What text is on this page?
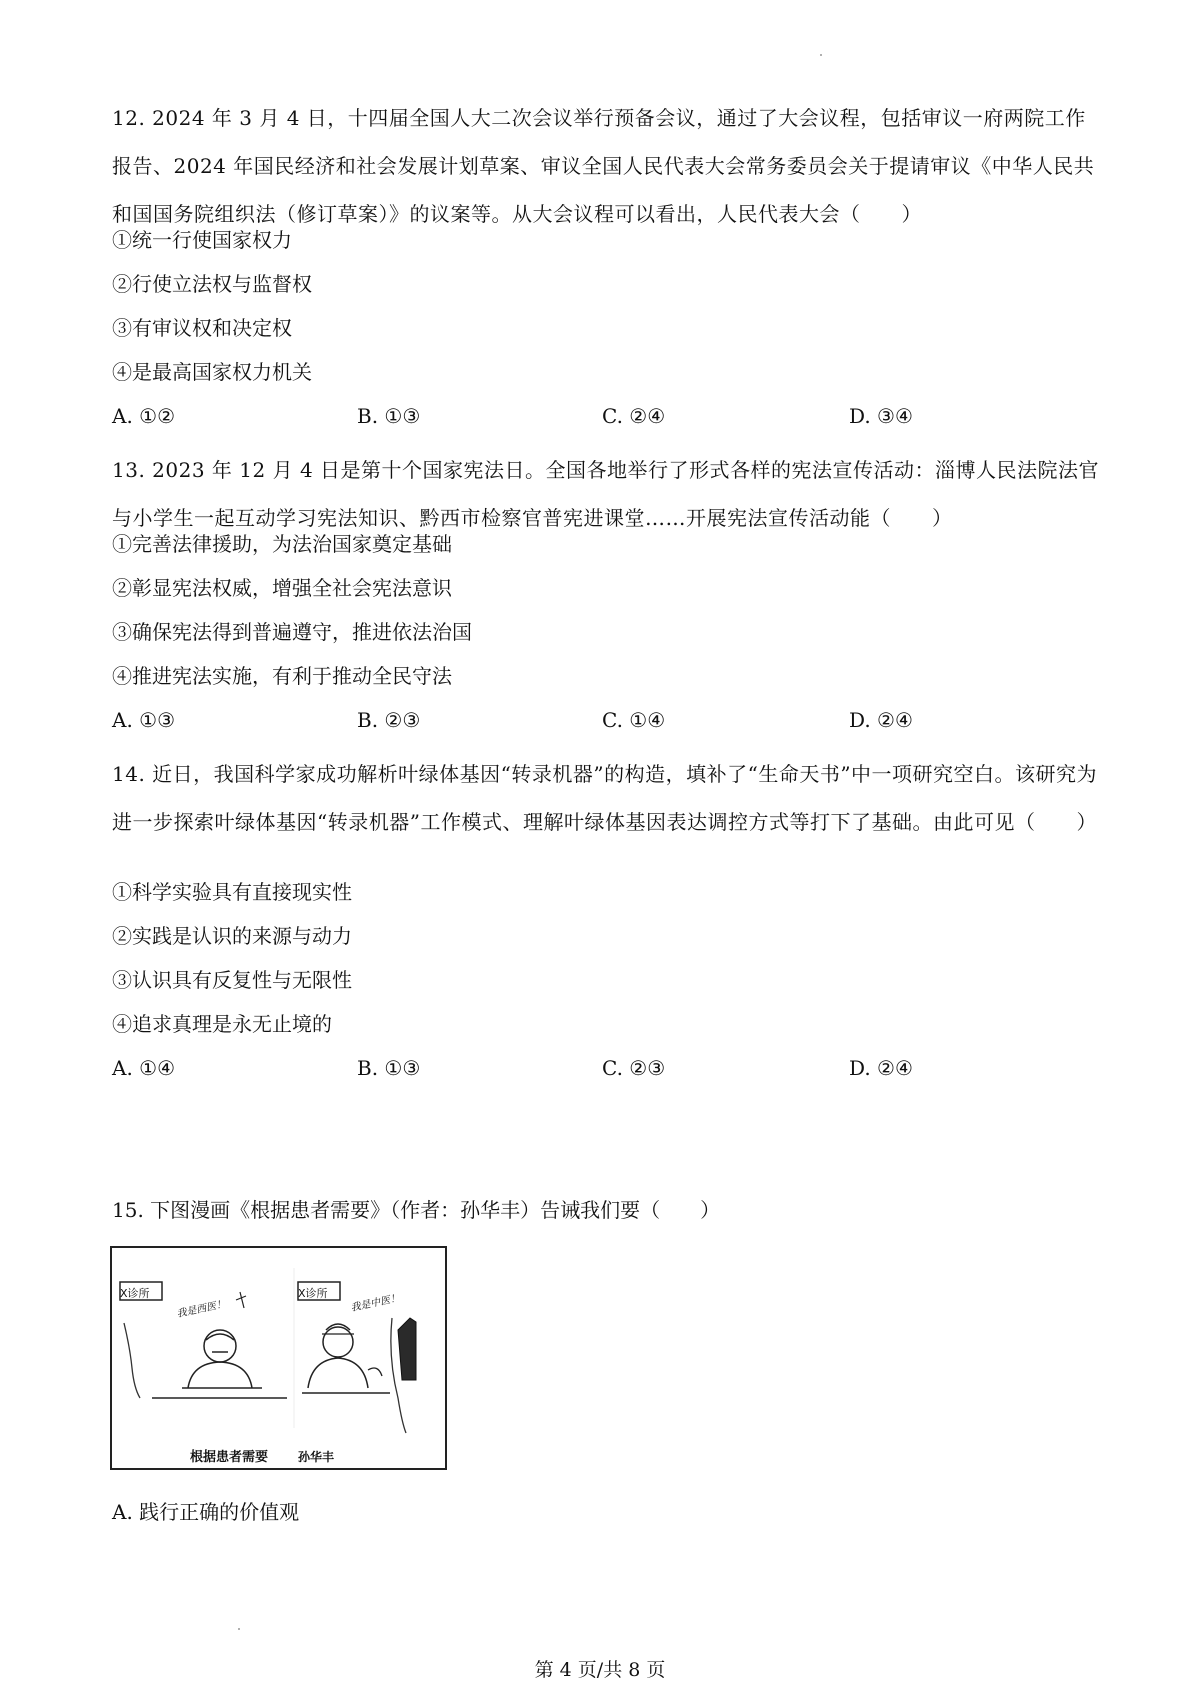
12. 2024 年 3 月 4 日，十四届全国人大二次会议举行预备会议，通过了大会议程，包括审议一府两院工作报告、2024 年国民经济和社会发展计划草案、审议全国人民代表大会常务委员会关于提请审议《中华人民共和国国务院组织法（修订草案）》的议案等。从大会议程可以看出，人民代表大会（　　）
①统一行使国家权力
②行使立法权与监督权
③有审议权和决定权
④是最高国家权力机关
A. ①②	B. ①③	C. ②④	D. ③④
13. 2023 年 12 月 4 日是第十个国家宪法日。全国各地举行了形式各样的宪法宣传活动：淄博人民法院法官与小学生一起互动学习宪法知识、黔西市检察官普宪进课堂……开展宪法宣传活动能（　　）
①完善法律援助，为法治国家奠定基础
②彰显宪法权威，增强全社会宪法意识
③确保宪法得到普遍遵守，推进依法治国
④推进宪法实施，有利于推动全民守法
A. ①③	B. ②③	C. ①④	D. ②④
14. 近日，我国科学家成功解析叶绿体基因“转录机器”的构造，填补了“生命天书”中一项研究空白。该研究为进一步探索叶绿体基因“转录机器”工作模式、理解叶绿体基因表达调控方式等打下了基础。由此可见（　　）
①科学实验具有直接现实性
②实践是认识的来源与动力
③认识具有反复性与无限性
④追求真理是永无止境的
A. ①④	B. ①③	C. ②③	D. ②④
15. 下图漫画《根据患者需要》（作者：孙华丰）告诫我们要（　　）
X诊所	X诊所
我是西医！	我是中医！
根据患者需要 孙华丰
A. 践行正确的价值观
第 4 页/共 8 页
